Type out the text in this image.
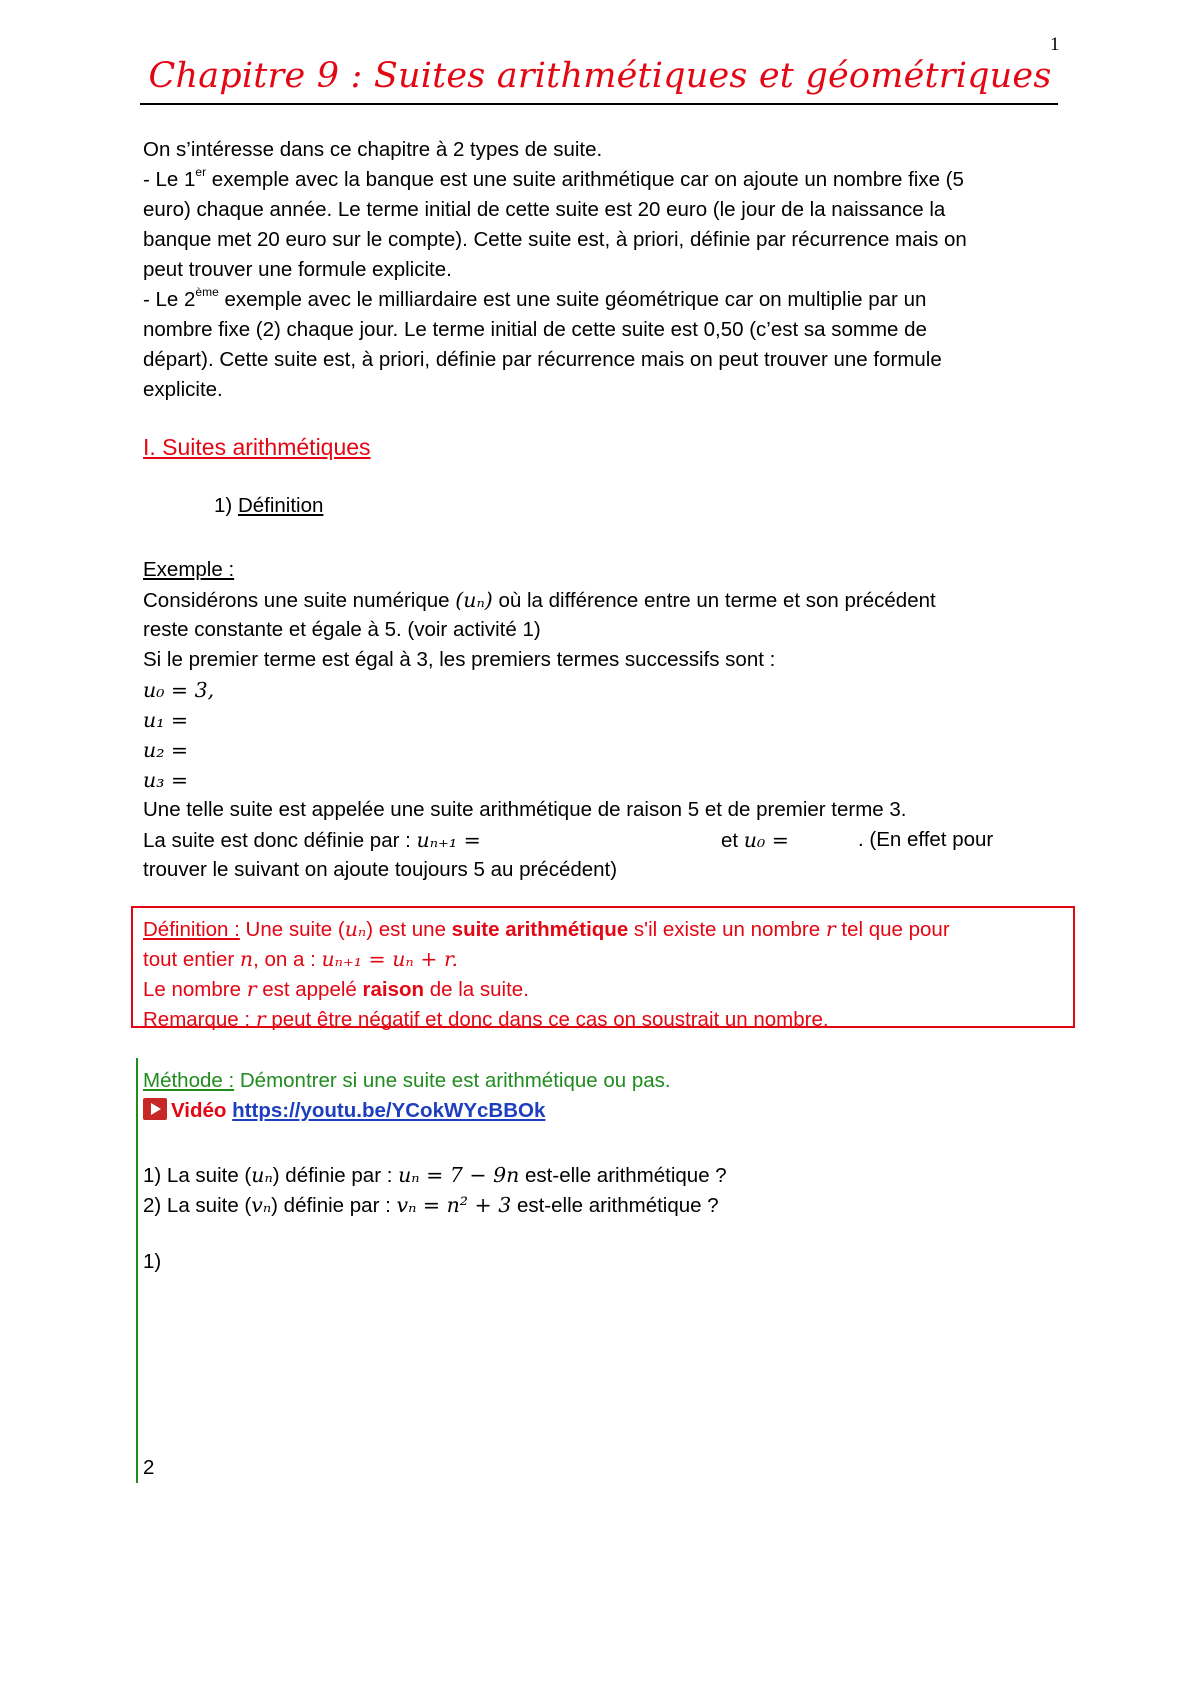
1
Chapitre 9 : Suites arithmétiques et géométriques
On s’intéresse dans ce chapitre à 2 types de suite.
- Le 1er exemple avec la banque est une suite arithmétique car on ajoute un nombre fixe (5
euro) chaque année. Le terme initial de cette suite est 20 euro (le jour de la naissance la
banque met 20 euro sur le compte). Cette suite est, à priori, définie par récurrence mais on
peut trouver une formule explicite.
- Le 2ème exemple avec le milliardaire est une suite géométrique car on multiplie par un
nombre fixe (2) chaque jour. Le terme initial de cette suite est 0,50 (c’est sa somme de
départ). Cette suite est, à priori, définie par récurrence mais on peut trouver une formule
explicite.
I. Suites arithmétiques
1) Définition
Exemple :
Considérons une suite numérique (uₙ) où la différence entre un terme et son précédent
reste constante et égale à 5. (voir activité 1)
Si le premier terme est égal à 3, les premiers termes successifs sont :
u₀ = 3,
u₁ =
u₂ =
u₃ =
Une telle suite est appelée une suite arithmétique de raison 5 et de premier terme 3.
La suite est donc définie par : uₙ₊₁ =	et u₀ =	. (En effet pour
trouver le suivant on ajoute toujours 5 au précédent)
Définition : Une suite (uₙ) est une suite arithmétique s'il existe un nombre r tel que pour
tout entier n, on a : uₙ₊₁ = uₙ + r.
Le nombre r est appelé raison de la suite.
Remarque : r peut être négatif et donc dans ce cas on soustrait un nombre.
Méthode : Démontrer si une suite est arithmétique ou pas.
Vidéo https://youtu.be/YCokWYcBBOk
1) La suite (uₙ) définie par : uₙ = 7 − 9n est-elle arithmétique ?
2) La suite (vₙ) définie par : vₙ = n² + 3 est-elle arithmétique ?
1)
2
